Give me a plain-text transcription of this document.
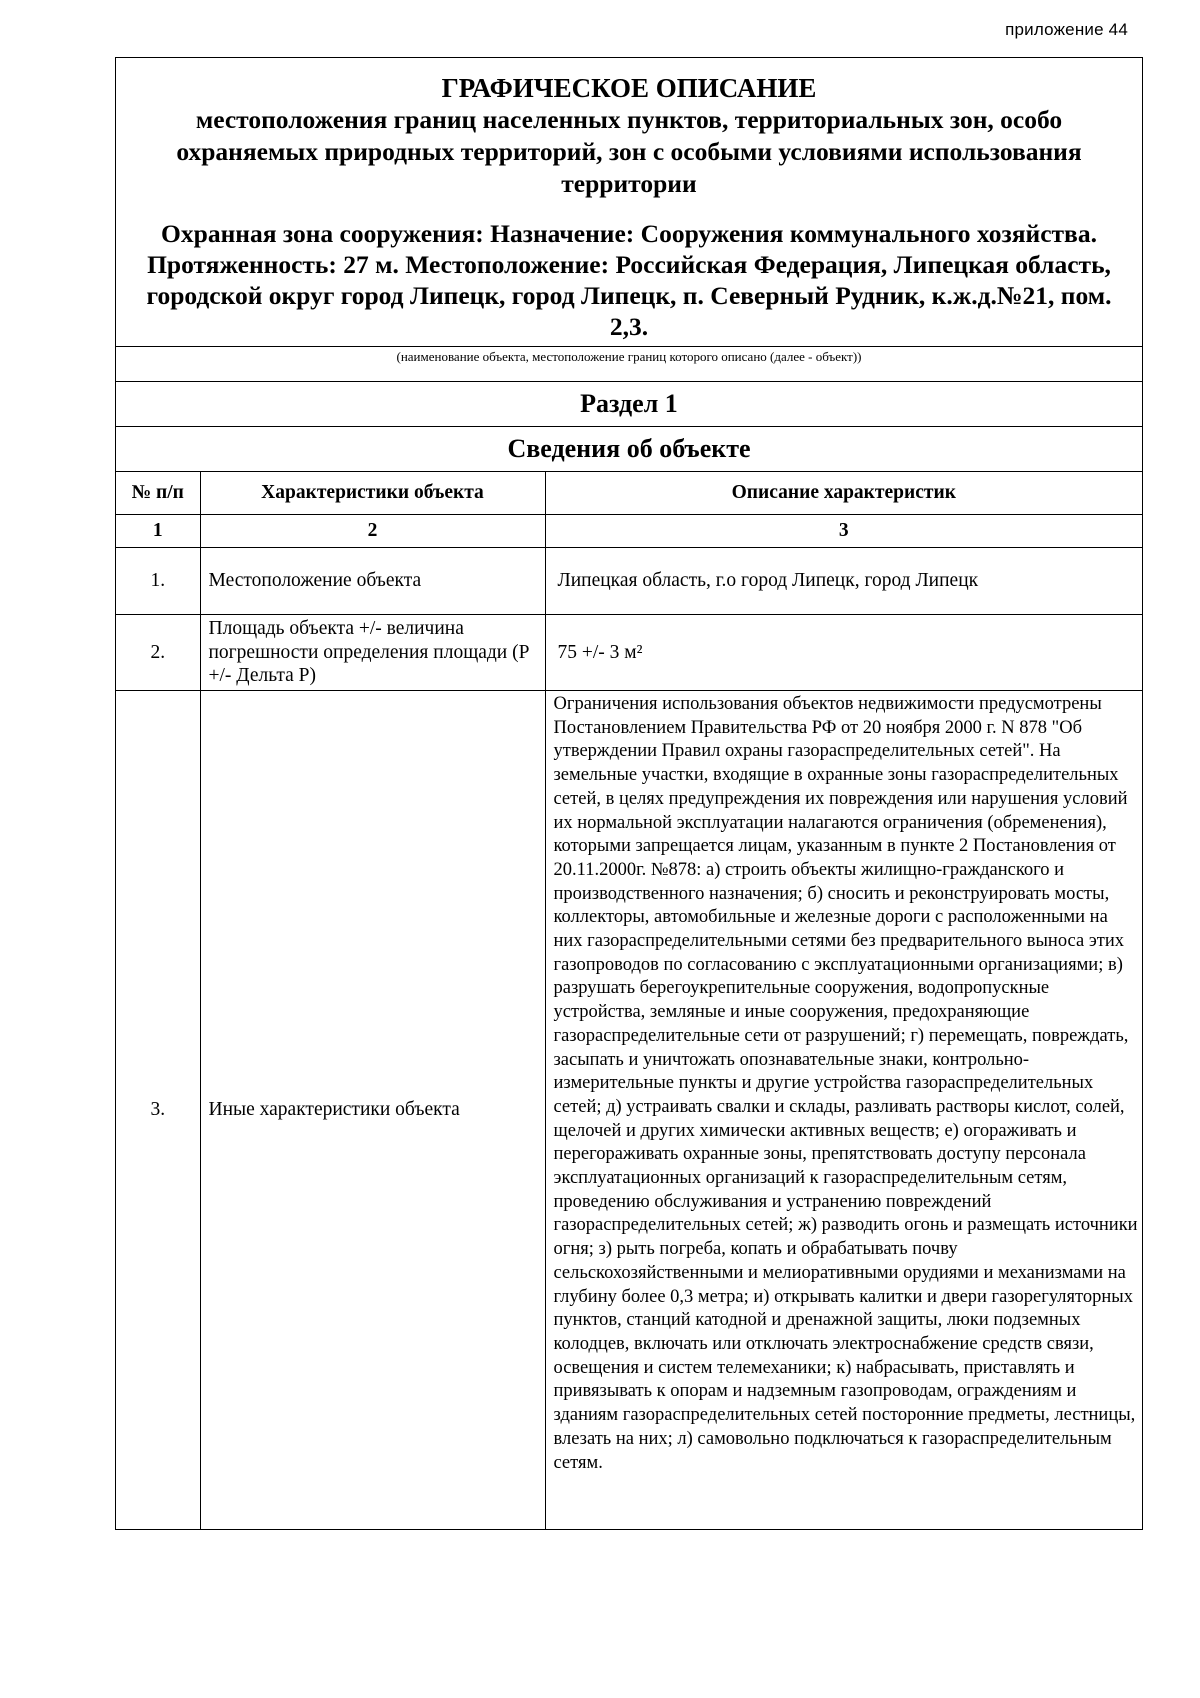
приложение 44

ГРАФИЧЕСКОЕ ОПИСАНИЕ

местоположения границ населенных пунктов, территориальных зон, особо охраняемых природных территорий, зон с особыми условиями использования территории

Охранная зона сооружения: Назначение: Сооружения коммунального хозяйства. Протяженность: 27 м. Местоположение: Российская Федерация, Липецкая область, городской округ город Липецк, город Липецк, п. Северный Рудник, к.ж.д.№21, пом. 2,3.

(наименование объекта, местоположение границ которого описано (далее - объект))
Раздел 1
Сведения об объекте
№ п/п	Характеристики объекта	Описание характеристик
1	2	3
1.	Местоположение объекта	Липецкая область, г.о город Липецк, город Липецк
2.	Площадь объекта +/- величина погрешности определения площади (Р +/- Дельта Р)	75 +/- 3 м²
3.	Иные характеристики объекта	Ограничения использования объектов недвижимости предусмотрены Постановлением Правительства РФ от 20 ноября 2000 г. N 878 "Об утверждении Правил охраны газораспределительных сетей". На земельные участки, входящие в охранные зоны газораспределительных сетей, в целях предупреждения их повреждения или нарушения условий их нормальной эксплуатации налагаются ограничения (обременения), которыми запрещается лицам, указанным в пункте 2 Постановления от 20.11.2000г. №878: а) строить объекты жилищно-гражданского и производственного назначения; б) сносить и реконструировать мосты, коллекторы, автомобильные и железные дороги с расположенными на них газораспределительными сетями без предварительного выноса этих газопроводов по согласованию с эксплуатационными организациями; в) разрушать берегоукрепительные сооружения, водопропускные устройства, земляные и иные сооружения, предохраняющие газораспределительные сети от разрушений; г) перемещать, повреждать, засыпать и уничтожать опознавательные знаки, контрольно-измерительные пункты и другие устройства газораспределительных сетей; д) устраивать свалки и склады, разливать растворы кислот, солей, щелочей и других химически активных веществ; е) огораживать и перегораживать охранные зоны, препятствовать доступу персонала эксплуатационных организаций к газораспределительным сетям, проведению обслуживания и устранению повреждений газораспределительных сетей; ж) разводить огонь и размещать источники огня; з) рыть погреба, копать и обрабатывать почву сельскохозяйственными и мелиоративными орудиями и механизмами на глубину более 0,3 метра; и) открывать калитки и двери газорегуляторных пунктов, станций катодной и дренажной защиты, люки подземных колодцев, включать или отключать электроснабжение средств связи, освещения и систем телемеханики; к) набрасывать, приставлять и привязывать к опорам и надземным газопроводам, ограждениям и зданиям газораспределительных сетей посторонние предметы, лестницы, влезать на них; л) самовольно подключаться к газораспределительным сетям.
